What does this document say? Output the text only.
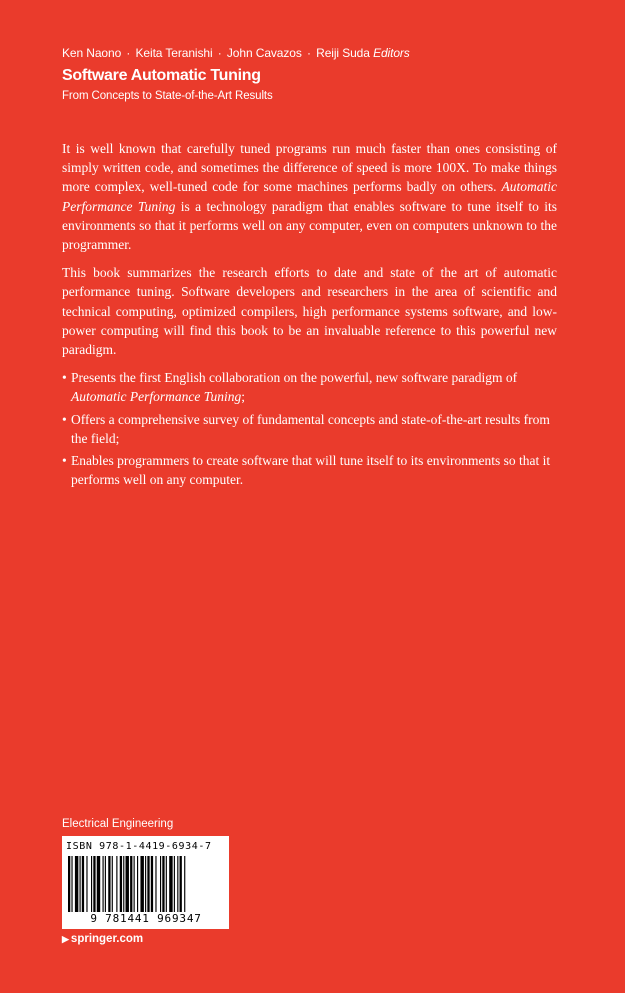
Ken Naono · Keita Teranishi · John Cavazos · Reiji Suda Editors
Software Automatic Tuning
From Concepts to State-of-the-Art Results

It is well known that carefully tuned programs run much faster than ones consisting of simply written code, and sometimes the difference of speed is more 100X. To make things more complex, well-tuned code for some machines performs badly on others. Automatic Performance Tuning is a technology paradigm that enables software to tune itself to its environments so that it performs well on any computer, even on computers unknown to the programmer.

This book summarizes the research efforts to date and state of the art of automatic performance tuning. Software developers and researchers in the area of scientific and technical computing, optimized compilers, high performance systems software, and low-power computing will find this book to be an invaluable reference to this powerful new paradigm.

• Presents the first English collaboration on the powerful, new software paradigm of Automatic Performance Tuning;
• Offers a comprehensive survey of fundamental concepts and state-of-the-art results from the field;
• Enables programmers to create software that will tune itself to its environments so that it performs well on any computer.
Electrical Engineering
ISBN 978-1-4419-6934-7
9 781441 969347
▶ springer.com
